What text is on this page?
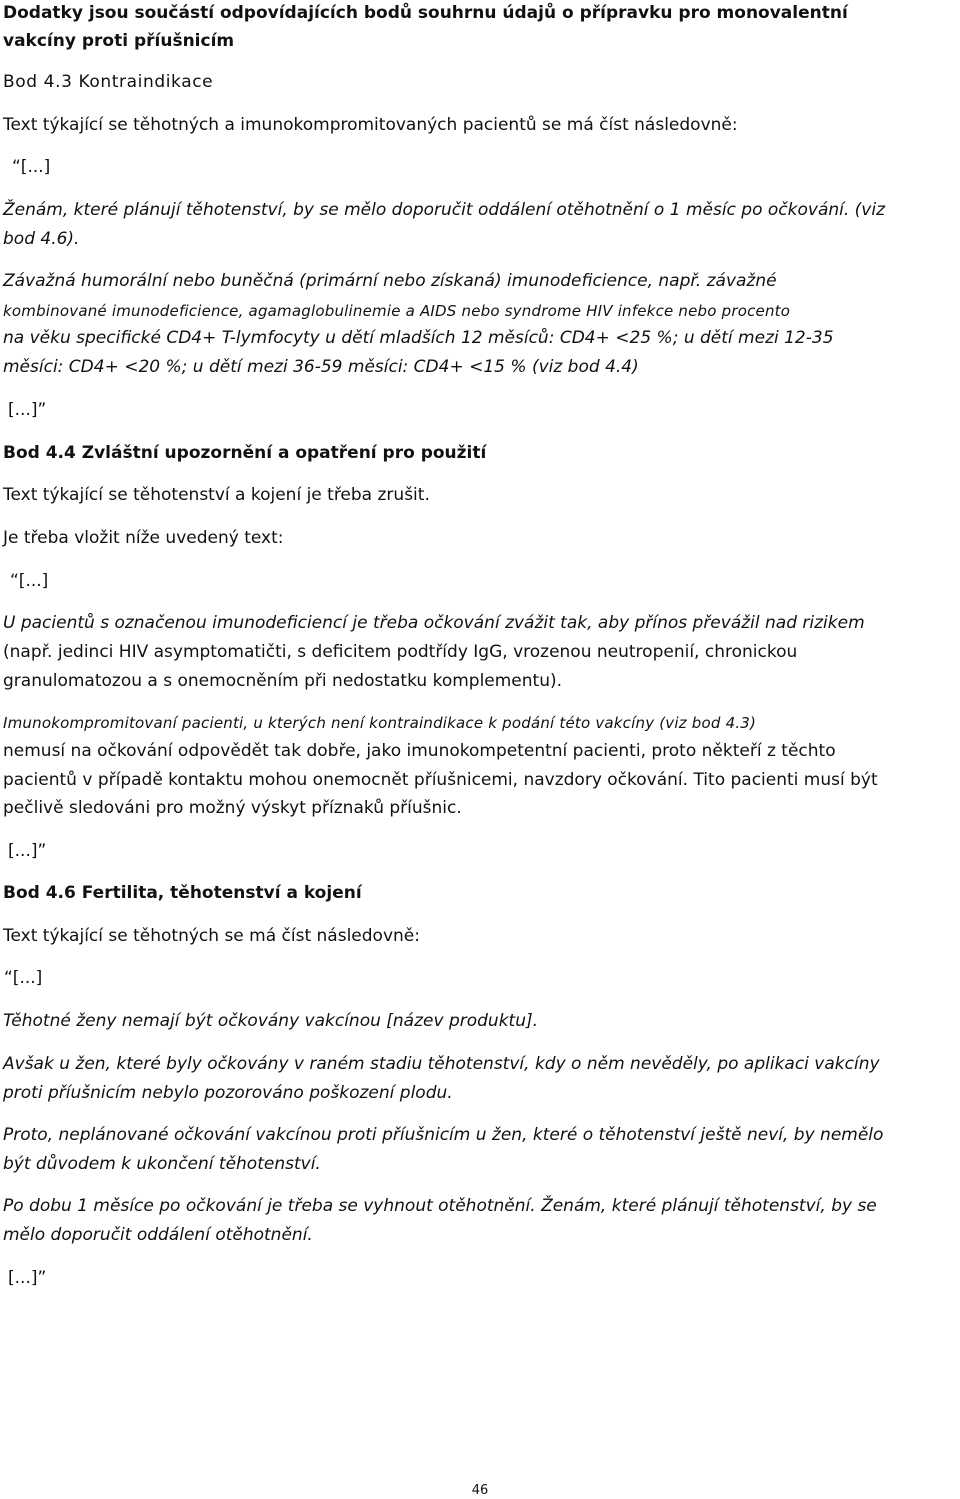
Dodatky jsou součástí odpovídajících bodů souhrnu údajů o přípravku pro monovalentní
vakcíny proti příušnicím
Bod 4.3 Kontraindikace
Text týkající se těhotných a imunokompromitovaných pacientů se má číst následovně:
“[...]
Ženám, které plánují těhotenství, by se mělo doporučit oddálení otěhotnění o 1 měsíc po očkování. (viz
bod 4.6).
Závažná humorální nebo buněčná (primární nebo získaná) imunodeficience, např. závažné
kombinované imunodeficience, agamaglobulinemie a AIDS nebo syndrome HIV infekce nebo procento
na věku specifické CD4+ T-lymfocyty u dětí mladších 12 měsíců: CD4+ <25 %; u dětí mezi 12-35
měsíci: CD4+ <20 %; u dětí mezi 36-59 měsíci: CD4+ <15 % (viz bod 4.4)
[...]”
Bod 4.4 Zvláštní upozornění a opatření pro použití
Text týkající se těhotenství a kojení je třeba zrušit.
Je třeba vložit níže uvedený text:
“[...]
U pacientů s označenou imunodeficiencí je třeba očkování zvážit tak, aby přínos převážil nad rizikem
(např. jedinci HIV asymptomatičti, s deficitem podtřídy IgG, vrozenou neutropenií, chronickou
granulomatozou a s onemocněním při nedostatku komplementu).
Imunokompromitovaní pacienti, u kterých není kontraindikace k podání této vakcíny (viz bod 4.3)
nemusí na očkování odpovědět tak dobře, jako imunokompetentní pacienti, proto někteří z těchto
pacientů v případě kontaktu mohou onemocnět příušnicemi, navzdory očkování. Tito pacienti musí být
pečlivě sledováni pro možný výskyt příznaků příušnic.
[...]”
Bod 4.6 Fertilita, těhotenství a kojení
Text týkající se těhotných se má číst následovně:
“[...]
Těhotné ženy nemají být očkovány vakcínou [název produktu].
Avšak u žen, které byly očkovány v raném stadiu těhotenství, kdy o něm nevěděly, po aplikaci vakcíny
proti příušnicím nebylo pozorováno poškození plodu.
Proto, neplánované očkování vakcínou proti příušnicím u žen, které o těhotenství ještě neví, by nemělo
být důvodem k ukončení těhotenství.
Po dobu 1 měsíce po očkování je třeba se vyhnout otěhotnění. Ženám, které plánují těhotenství, by se
mělo doporučit oddálení otěhotnění.
[...]”
46
